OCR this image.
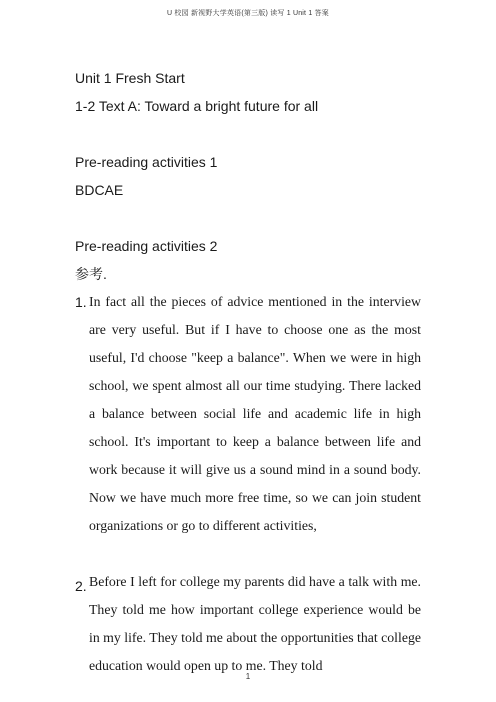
U 校园 新视野大学英语(第三版) 读写 1 Unit 1 答案

Unit 1 Fresh Start

1-2 Text A: Toward a bright future for all

Pre-reading activities 1

BDCAE

Pre-reading activities 2

参考.

1. In fact all the pieces of advice mentioned in the interview are very useful. But if I have to choose one as the most useful, I'd choose "keep a balance". When we were in high school, we spent almost all our time studying. There lacked a balance between social life and academic life in high school. It's important to keep a balance between life and work because it will give us a sound mind in a sound body. Now we have much more free time, so we can join student organizations or go to different activities,
2. Before I left for college my parents did have a talk with me. They told me how important college experience would be in my life. They told me about the opportunities that college education would open up to me. They told
1
